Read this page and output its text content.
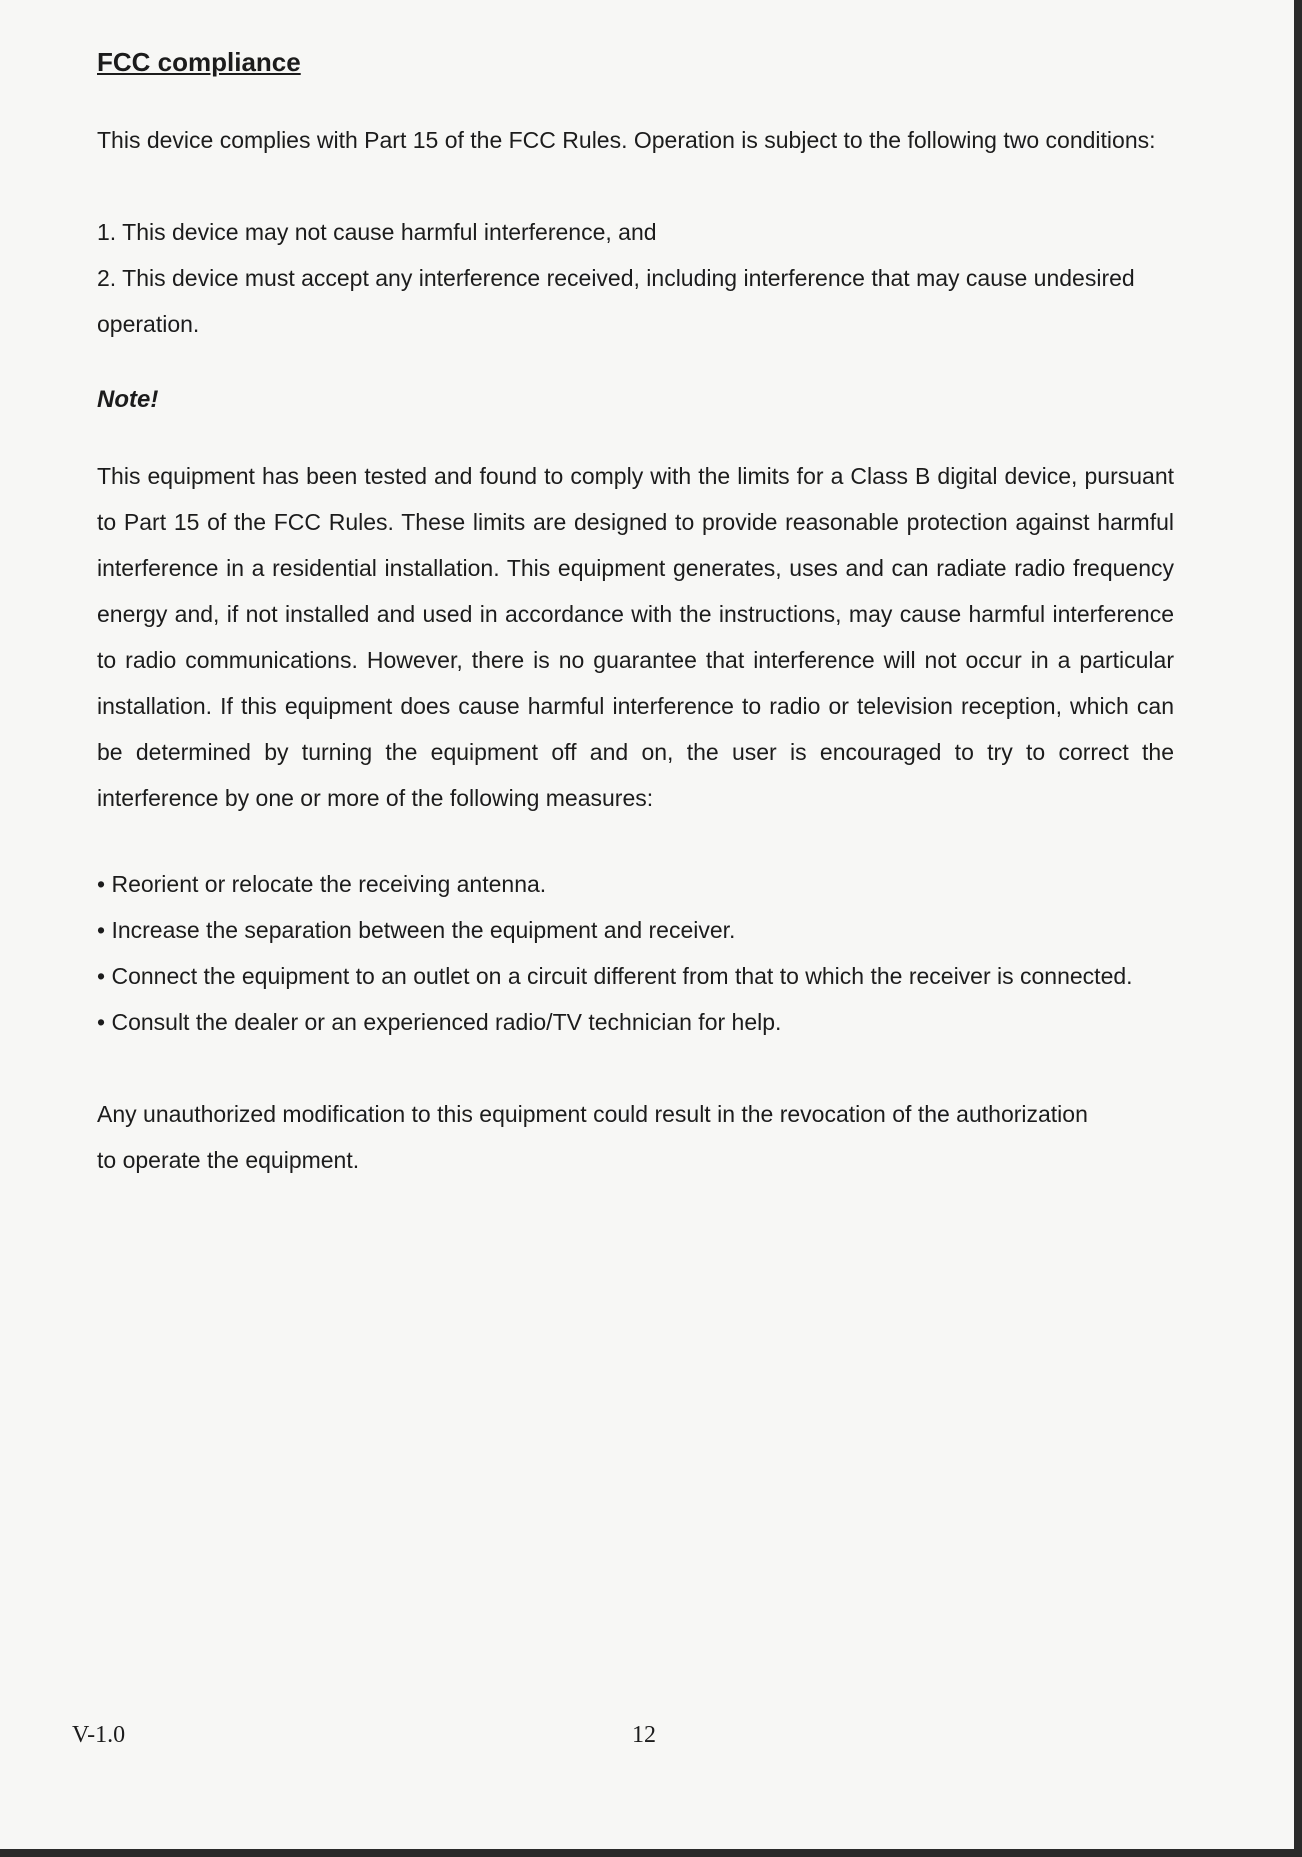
FCC compliance

This device complies with Part 15 of the FCC Rules. Operation is subject to the following two conditions:

1. This device may not cause harmful interference, and

2. This device must accept any interference received, including interference that may cause undesired operation.

Note!

This equipment has been tested and found to comply with the limits for a Class B digital device, pursuant to Part 15 of the FCC Rules. These limits are designed to provide reasonable protection against harmful interference in a residential installation. This equipment generates, uses and can radiate radio frequency energy and, if not installed and used in accordance with the instructions, may cause harmful interference to radio communications. However, there is no guarantee that interference will not occur in a particular installation. If this equipment does cause harmful interference to radio or television reception, which can be determined by turning the equipment off and on, the user is encouraged to try to correct the interference by one or more of the following measures:

• Reorient or relocate the receiving antenna.
• Increase the separation between the equipment and receiver.
• Connect the equipment to an outlet on a circuit different from that to which the receiver is connected.
• Consult the dealer or an experienced radio/TV technician for help.

Any unauthorized modification to this equipment could result in the revocation of the authorization to operate the equipment.

V-1.0	12
